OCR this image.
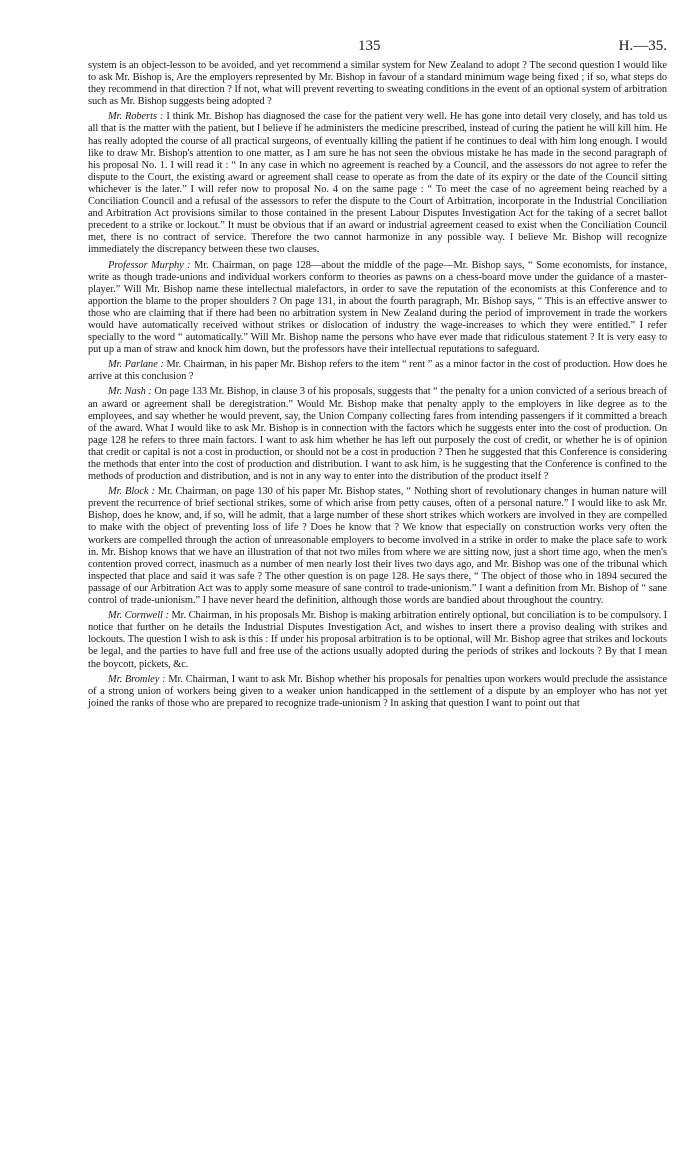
135	H.—35.

system is an object-lesson to be avoided, and yet recommend a similar system for New Zealand to adopt ? The second question I would like to ask Mr. Bishop is, Are the employers represented by Mr. Bishop in favour of a standard minimum wage being fixed ; if so, what steps do they recommend in that direction ? If not, what will prevent reverting to sweating conditions in the event of an optional system of arbitration such as Mr. Bishop suggests being adopted ?

Mr. Roberts : I think Mr. Bishop has diagnosed the case for the patient very well. He has gone into detail very closely, and has told us all that is the matter with the patient, but I believe if he administers the medicine prescribed, instead of curing the patient he will kill him. He has really adopted the course of all practical surgeons, of eventually killing the patient if he continues to deal with him long enough. I would like to draw Mr. Bishop's attention to one matter, as I am sure he has not seen the obvious mistake he has made in the second paragraph of his proposal No. 1. I will read it : “ In any case in which no agreement is reached by a Council, and the assessors do not agree to refer the dispute to the Court, the existing award or agreement shall cease to operate as from the date of its expiry or the date of the Council sitting whichever is the later.” I will refer now to proposal No. 4 on the same page : “ To meet the case of no agreement being reached by a Conciliation Council and a refusal of the assessors to refer the dispute to the Court of Arbitration, incorporate in the Industrial Conciliation and Arbitration Act provisions similar to those contained in the present Labour Disputes Investigation Act for the taking of a secret ballot precedent to a strike or lockout.” It must be obvious that if an award or industrial agreement ceased to exist when the Conciliation Council met, there is no contract of service. Therefore the two cannot harmonize in any possible way. I believe Mr. Bishop will recognize immediately the discrepancy between these two clauses.

Professor Murphy : Mr. Chairman, on page 128—about the middle of the page—Mr. Bishop says, “ Some economists, for instance, write as though trade-unions and individual workers conform to theories as pawns on a chess-board move under the guidance of a master-player.” Will Mr. Bishop name these intellectual malefactors, in order to save the reputation of the economists at this Conference and to apportion the blame to the proper shoulders ? On page 131, in about the fourth paragraph, Mr. Bishop says, “ This is an effective answer to those who are claiming that if there had been no arbitration system in New Zealand during the period of improvement in trade the workers would have automatically received without strikes or dislocation of industry the wage-increases to which they were entitled.” I refer specially to the word “ automatically.” Will Mr. Bishop name the persons who have ever made that ridiculous statement ? It is very easy to put up a man of straw and knock him down, but the professors have their intellectual reputations to safeguard.

Mr. Parlane : Mr. Chairman, in his paper Mr. Bishop refers to the item “ rent ” as a minor factor in the cost of production. How does he arrive at this conclusion ?

Mr. Nash : On page 133 Mr. Bishop, in clause 3 of his proposals, suggests that “ the penalty for a union convicted of a serious breach of an award or agreement shall be deregistration.” Would Mr. Bishop make that penalty apply to the employers in like degree as to the employees, and say whether he would prevent, say, the Union Company collecting fares from intending passengers if it committed a breach of the award. What I would like to ask Mr. Bishop is in connection with the factors which he suggests enter into the cost of production. On page 128 he refers to three main factors. I want to ask him whether he has left out purposely the cost of credit, or whether he is of opinion that credit or capital is not a cost in production, or should not be a cost in production ? Then he suggested that this Conference is considering the methods that enter into the cost of production and distribution. I want to ask him, is he suggesting that the Conference is confined to the methods of production and distribution, and is not in any way to enter into the distribution of the product itself ?

Mr. Block : Mr. Chairman, on page 130 of his paper Mr. Bishop states, “ Nothing short of revolutionary changes in human nature will prevent the recurrence of brief sectional strikes, some of which arise from petty causes, often of a personal nature.” I would like to ask Mr. Bishop, does he know, and, if so, will he admit, that a large number of these short strikes which workers are involved in they are compelled to make with the object of preventing loss of life ? Does he know that ? We know that especially on construction works very often the workers are compelled through the action of unreasonable employers to become involved in a strike in order to make the place safe to work in. Mr. Bishop knows that we have an illustration of that not two miles from where we are sitting now, just a short time ago, when the men's contention proved correct, inasmuch as a number of men nearly lost their lives two days ago, and Mr. Bishop was one of the tribunal which inspected that place and said it was safe ? The other question is on page 128. He says there, “ The object of those who in 1894 secured the passage of our Arbitration Act was to apply some measure of sane control to trade-unionism.” I want a definition from Mr. Bishop of “ sane control of trade-unionism.” I have never heard the definition, although those words are bandied about throughout the country.

Mr. Cornwell : Mr. Chairman, in his proposals Mr. Bishop is making arbitration entirely optional, but conciliation is to be compulsory. I notice that further on he details the Industrial Disputes Investigation Act, and wishes to insert there a proviso dealing with strikes and lockouts. The question I wish to ask is this : If under his proposal arbitration is to be optional, will Mr. Bishop agree that strikes and lockouts be legal, and the parties to have full and free use of the actions usually adopted during the periods of strikes and lockouts ? By that I mean the boycott, pickets, &c.

Mr. Bromley : Mr. Chairman, I want to ask Mr. Bishop whether his proposals for penalties upon workers would preclude the assistance of a strong union of workers being given to a weaker union handicapped in the settlement of a dispute by an employer who has not yet joined the ranks of those who are prepared to recognize trade-unionism ? In asking that question I want to point out that
